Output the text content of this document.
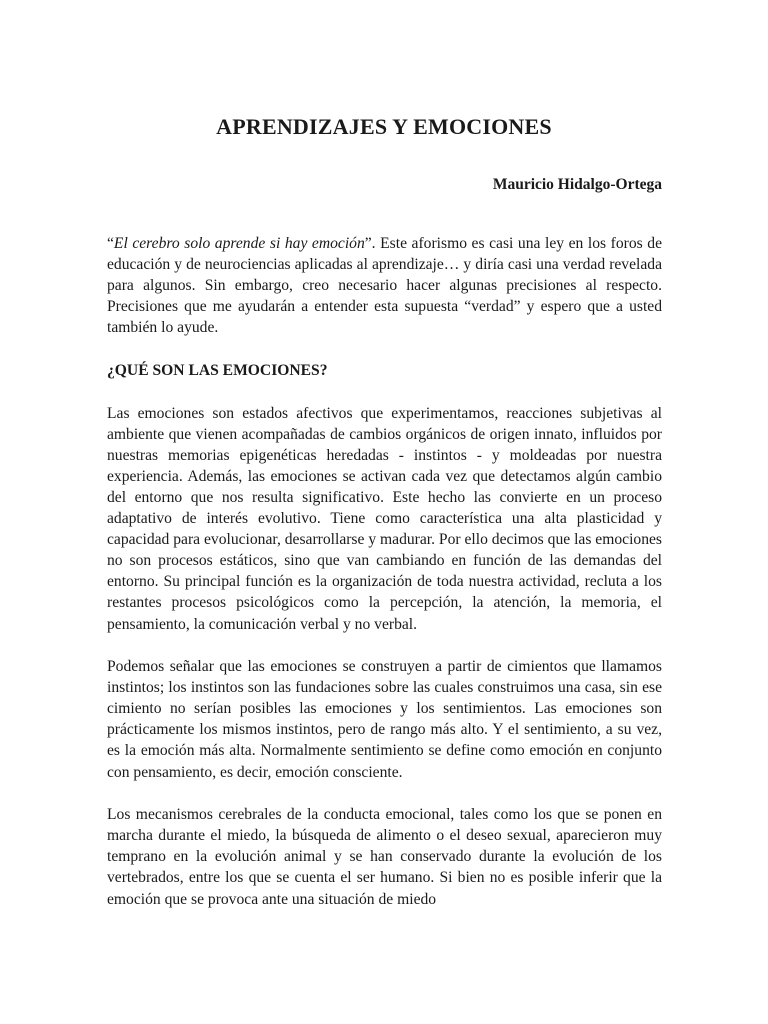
APRENDIZAJES Y EMOCIONES

Mauricio Hidalgo-Ortega

“El cerebro solo aprende si hay emoción”. Este aforismo es casi una ley en los foros de educación y de neurociencias aplicadas al aprendizaje… y diría casi una verdad revelada para algunos. Sin embargo, creo necesario hacer algunas precisiones al respecto. Precisiones que me ayudarán a entender esta supuesta “verdad” y espero que a usted también lo ayude.

¿QUÉ SON LAS EMOCIONES?

Las emociones son estados afectivos que experimentamos, reacciones subjetivas al ambiente que vienen acompañadas de cambios orgánicos de origen innato, influidos por nuestras memorias epigenéticas heredadas - instintos - y moldeadas por nuestra experiencia. Además, las emociones se activan cada vez que detectamos algún cambio del entorno que nos resulta significativo. Este hecho las convierte en un proceso adaptativo de interés evolutivo. Tiene como característica una alta plasticidad y capacidad para evolucionar, desarrollarse y madurar. Por ello decimos que las emociones no son procesos estáticos, sino que van cambiando en función de las demandas del entorno. Su principal función es la organización de toda nuestra actividad, recluta a los restantes procesos psicológicos como la percepción, la atención, la memoria, el pensamiento, la comunicación verbal y no verbal.

Podemos señalar que las emociones se construyen a partir de cimientos que llamamos instintos; los instintos son las fundaciones sobre las cuales construimos una casa, sin ese cimiento no serían posibles las emociones y los sentimientos. Las emociones son prácticamente los mismos instintos, pero de rango más alto. Y el sentimiento, a su vez, es la emoción más alta. Normalmente sentimiento se define como emoción en conjunto con pensamiento, es decir, emoción consciente.

Los mecanismos cerebrales de la conducta emocional, tales como los que se ponen en marcha durante el miedo, la búsqueda de alimento o el deseo sexual, aparecieron muy temprano en la evolución animal y se han conservado durante la evolución de los vertebrados, entre los que se cuenta el ser humano. Si bien no es posible inferir que la emoción que se provoca ante una situación de miedo
